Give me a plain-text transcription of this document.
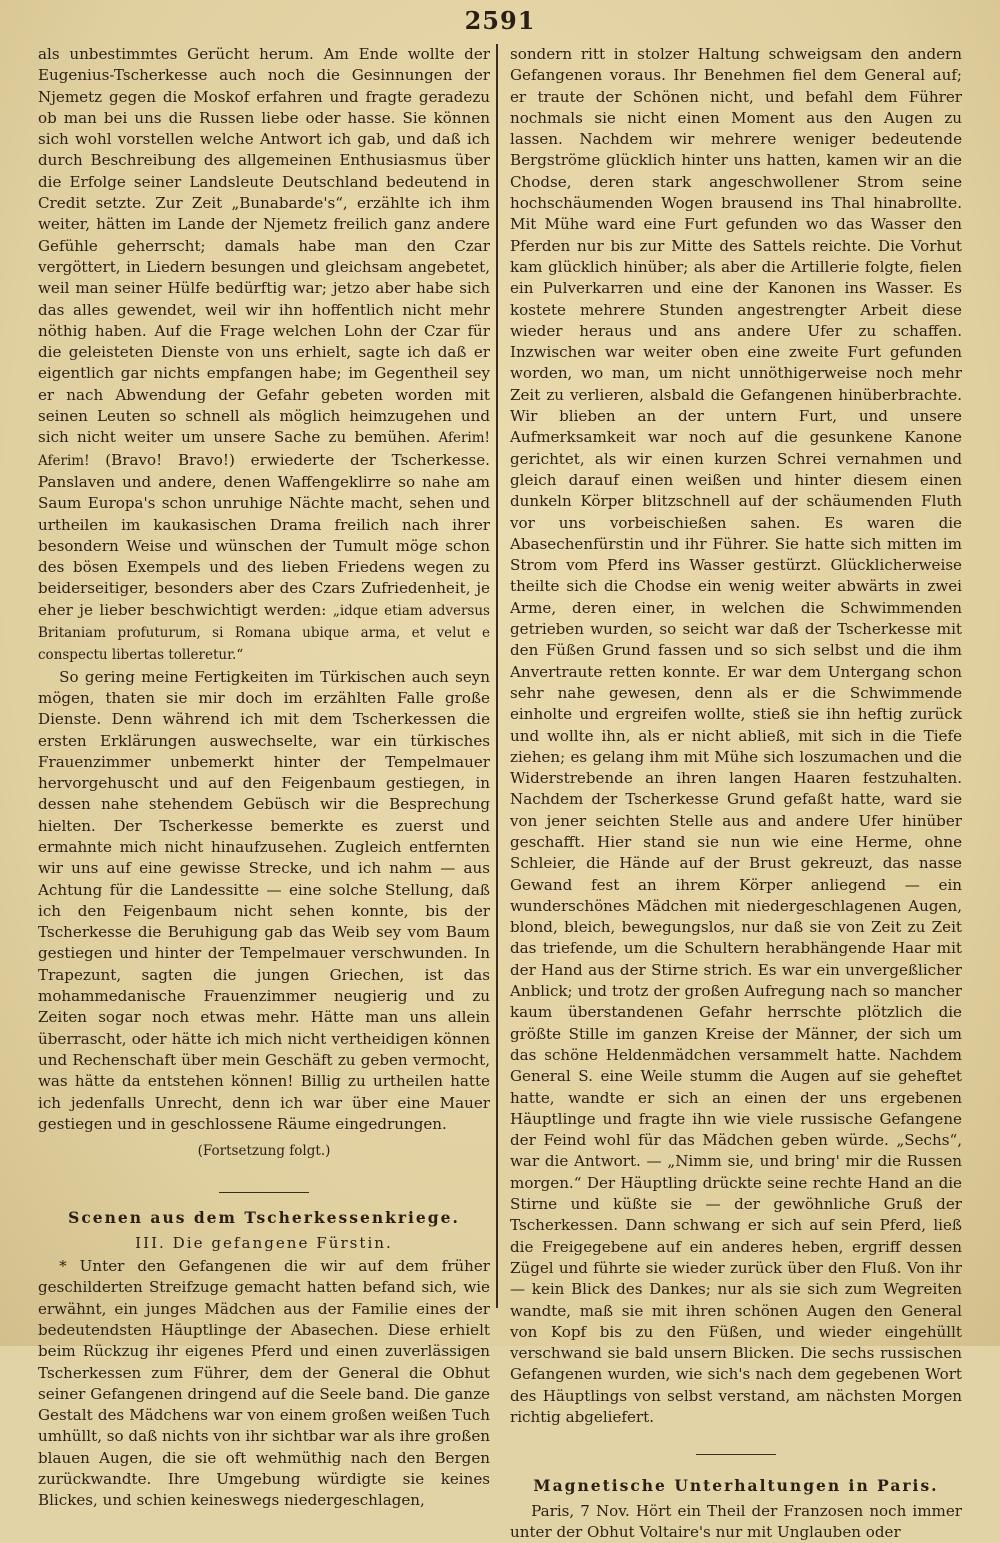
2591

als unbestimmtes Gerücht herum. Am Ende wollte der Eugenius-Tscherkesse auch noch die Gesinnungen der Njemetz gegen die Moskof erfahren und fragte geradezu ob man bei uns die Russen liebe oder hasse. Sie können sich wohl vorstellen welche Antwort ich gab, und daß ich durch Beschreibung des allgemeinen Enthusiasmus über die Erfolge seiner Landsleute Deutschland bedeutend in Credit setzte. Zur Zeit „Bunabarde's“, erzählte ich ihm weiter, hätten im Lande der Njemetz freilich ganz andere Gefühle geherrscht; damals habe man den Czar vergöttert, in Liedern besungen und gleichsam angebetet, weil man seiner Hülfe bedürftig war; jetzo aber habe sich das alles gewendet, weil wir ihn hoffentlich nicht mehr nöthig haben. Auf die Frage welchen Lohn der Czar für die geleisteten Dienste von uns erhielt, sagte ich daß er eigentlich gar nichts empfangen habe; im Gegentheil sey er nach Abwendung der Gefahr gebeten worden mit seinen Leuten so schnell als möglich heimzugehen und sich nicht weiter um unsere Sache zu bemühen. Aferim! Aferim! (Bravo! Bravo!) erwiederte der Tscherkesse. Panslaven und andere, denen Waffengeklirre so nahe am Saum Europa's schon unruhige Nächte macht, sehen und urtheilen im kaukasischen Drama freilich nach ihrer besondern Weise und wünschen der Tumult möge schon des bösen Exempels und des lieben Friedens wegen zu beiderseitiger, besonders aber des Czars Zufriedenheit, je eher je lieber beschwichtigt werden: „idque etiam adversus Britaniam profuturum, si Romana ubique arma, et velut e conspectu libertas tolleretur.“

So gering meine Fertigkeiten im Türkischen auch seyn mögen, thaten sie mir doch im erzählten Falle große Dienste. Denn während ich mit dem Tscherkessen die ersten Erklärungen auswechselte, war ein türkisches Frauenzimmer unbemerkt hinter der Tempelmauer hervorgehuscht und auf den Feigenbaum gestiegen, in dessen nahe stehendem Gebüsch wir die Besprechung hielten. Der Tscherkesse bemerkte es zuerst und ermahnte mich nicht hinaufzusehen. Zugleich entfernten wir uns auf eine gewisse Strecke, und ich nahm — aus Achtung für die Landessitte — eine solche Stellung, daß ich den Feigenbaum nicht sehen konnte, bis der Tscherkesse die Beruhigung gab das Weib sey vom Baum gestiegen und hinter der Tempelmauer verschwunden. In Trapezunt, sagten die jungen Griechen, ist das mohammedanische Frauenzimmer neugierig und zu Zeiten sogar noch etwas mehr. Hätte man uns allein überrascht, oder hätte ich mich nicht vertheidigen können und Rechenschaft über mein Geschäft zu geben vermocht, was hätte da entstehen können! Billig zu urtheilen hatte ich jedenfalls Unrecht, denn ich war über eine Mauer gestiegen und in geschlossene Räume eingedrungen.

(Fortsetzung folgt.)

Scenen aus dem Tscherkessenkriege.

III. Die gefangene Fürstin.

* Unter den Gefangenen die wir auf dem früher geschilderten Streifzuge gemacht hatten befand sich, wie erwähnt, ein junges Mädchen aus der Familie eines der bedeutendsten Häuptlinge der Abasechen. Diese erhielt beim Rückzug ihr eigenes Pferd und einen zuverlässigen Tscherkessen zum Führer, dem der General die Obhut seiner Gefangenen dringend auf die Seele band. Die ganze Gestalt des Mädchens war von einem großen weißen Tuch umhüllt, so daß nichts von ihr sichtbar war als ihre großen blauen Augen, die sie oft wehmüthig nach den Bergen zurückwandte. Ihre Umgebung würdigte sie keines Blickes, und schien keineswegs niedergeschlagen,

sondern ritt in stolzer Haltung schweigsam den andern Gefangenen voraus. Ihr Benehmen fiel dem General auf; er traute der Schönen nicht, und befahl dem Führer nochmals sie nicht einen Moment aus den Augen zu lassen. Nachdem wir mehrere weniger bedeutende Bergströme glücklich hinter uns hatten, kamen wir an die Chodse, deren stark angeschwollener Strom seine hochschäumenden Wogen brausend ins Thal hinabrollte. Mit Mühe ward eine Furt gefunden wo das Wasser den Pferden nur bis zur Mitte des Sattels reichte. Die Vorhut kam glücklich hinüber; als aber die Artillerie folgte, fielen ein Pulverkarren und eine der Kanonen ins Wasser. Es kostete mehrere Stunden angestrengter Arbeit diese wieder heraus und ans andere Ufer zu schaffen. Inzwischen war weiter oben eine zweite Furt gefunden worden, wo man, um nicht unnöthigerweise noch mehr Zeit zu verlieren, alsbald die Gefangenen hinüberbrachte. Wir blieben an der untern Furt, und unsere Aufmerksamkeit war noch auf die gesunkene Kanone gerichtet, als wir einen kurzen Schrei vernahmen und gleich darauf einen weißen und hinter diesem einen dunkeln Körper blitzschnell auf der schäumenden Fluth vor uns vorbeischießen sahen. Es waren die Abasechenfürstin und ihr Führer. Sie hatte sich mitten im Strom vom Pferd ins Wasser gestürzt. Glücklicherweise theilte sich die Chodse ein wenig weiter abwärts in zwei Arme, deren einer, in welchen die Schwimmenden getrieben wurden, so seicht war daß der Tscherkesse mit den Füßen Grund fassen und so sich selbst und die ihm Anvertraute retten konnte. Er war dem Untergang schon sehr nahe gewesen, denn als er die Schwimmende einholte und ergreifen wollte, stieß sie ihn heftig zurück und wollte ihn, als er nicht abließ, mit sich in die Tiefe ziehen; es gelang ihm mit Mühe sich loszumachen und die Widerstrebende an ihren langen Haaren festzuhalten. Nachdem der Tscherkesse Grund gefaßt hatte, ward sie von jener seichten Stelle aus and andere Ufer hinüber geschafft. Hier stand sie nun wie eine Herme, ohne Schleier, die Hände auf der Brust gekreuzt, das nasse Gewand fest an ihrem Körper anliegend — ein wunderschönes Mädchen mit niedergeschlagenen Augen, blond, bleich, bewegungslos, nur daß sie von Zeit zu Zeit das triefende, um die Schultern herabhängende Haar mit der Hand aus der Stirne strich. Es war ein unvergeßlicher Anblick; und trotz der großen Aufregung nach so mancher kaum überstandenen Gefahr herrschte plötzlich die größte Stille im ganzen Kreise der Männer, der sich um das schöne Heldenmädchen versammelt hatte. Nachdem General S. eine Weile stumm die Augen auf sie geheftet hatte, wandte er sich an einen der uns ergebenen Häuptlinge und fragte ihn wie viele russische Gefangene der Feind wohl für das Mädchen geben würde. „Sechs“, war die Antwort. — „Nimm sie, und bring' mir die Russen morgen.“ Der Häuptling drückte seine rechte Hand an die Stirne und küßte sie — der gewöhnliche Gruß der Tscherkessen. Dann schwang er sich auf sein Pferd, ließ die Freigegebene auf ein anderes heben, ergriff dessen Zügel und führte sie wieder zurück über den Fluß. Von ihr — kein Blick des Dankes; nur als sie sich zum Wegreiten wandte, maß sie mit ihren schönen Augen den General von Kopf bis zu den Füßen, und wieder eingehüllt verschwand sie bald unsern Blicken. Die sechs russischen Gefangenen wurden, wie sich's nach dem gegebenen Wort des Häuptlings von selbst verstand, am nächsten Morgen richtig abgeliefert.

Magnetische Unterhaltungen in Paris.

Paris, 7 Nov. Hört ein Theil der Franzosen noch immer unter der Obhut Voltaire's nur mit Unglauben oder
